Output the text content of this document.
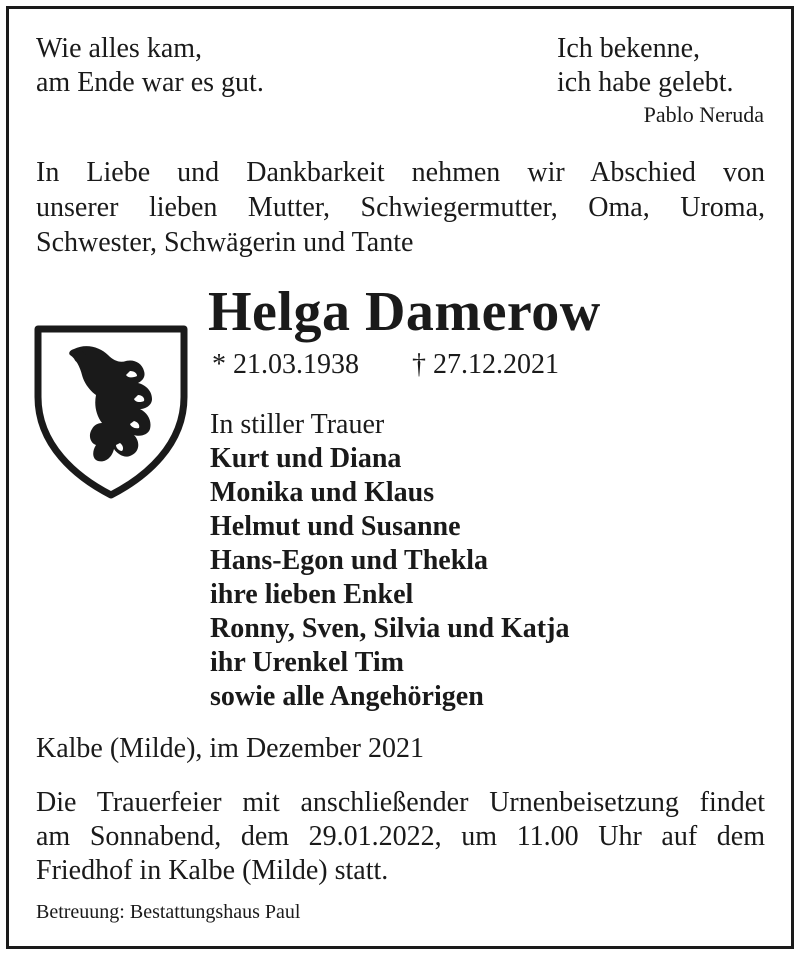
Wie alles kam,
am Ende war es gut.
Ich bekenne,
ich habe gelebt.
Pablo Neruda
In Liebe und Dankbarkeit nehmen wir Abschied von
unserer lieben Mutter, Schwiegermutter, Oma, Uroma,
Schwester, Schwägerin und Tante
Helga Damerow
* 21.03.1938 † 27.12.2021
In stiller Trauer
Kurt und Diana
Monika und Klaus
Helmut und Susanne
Hans-Egon und Thekla
ihre lieben Enkel
Ronny, Sven, Silvia und Katja
ihr Urenkel Tim
sowie alle Angehörigen
Kalbe (Milde), im Dezember 2021
Die Trauerfeier mit anschließender Urnenbeisetzung findet
am Sonnabend, dem 29.01.2022, um 11.00 Uhr auf dem
Friedhof in Kalbe (Milde) statt.
Betreuung: Bestattungshaus Paul
